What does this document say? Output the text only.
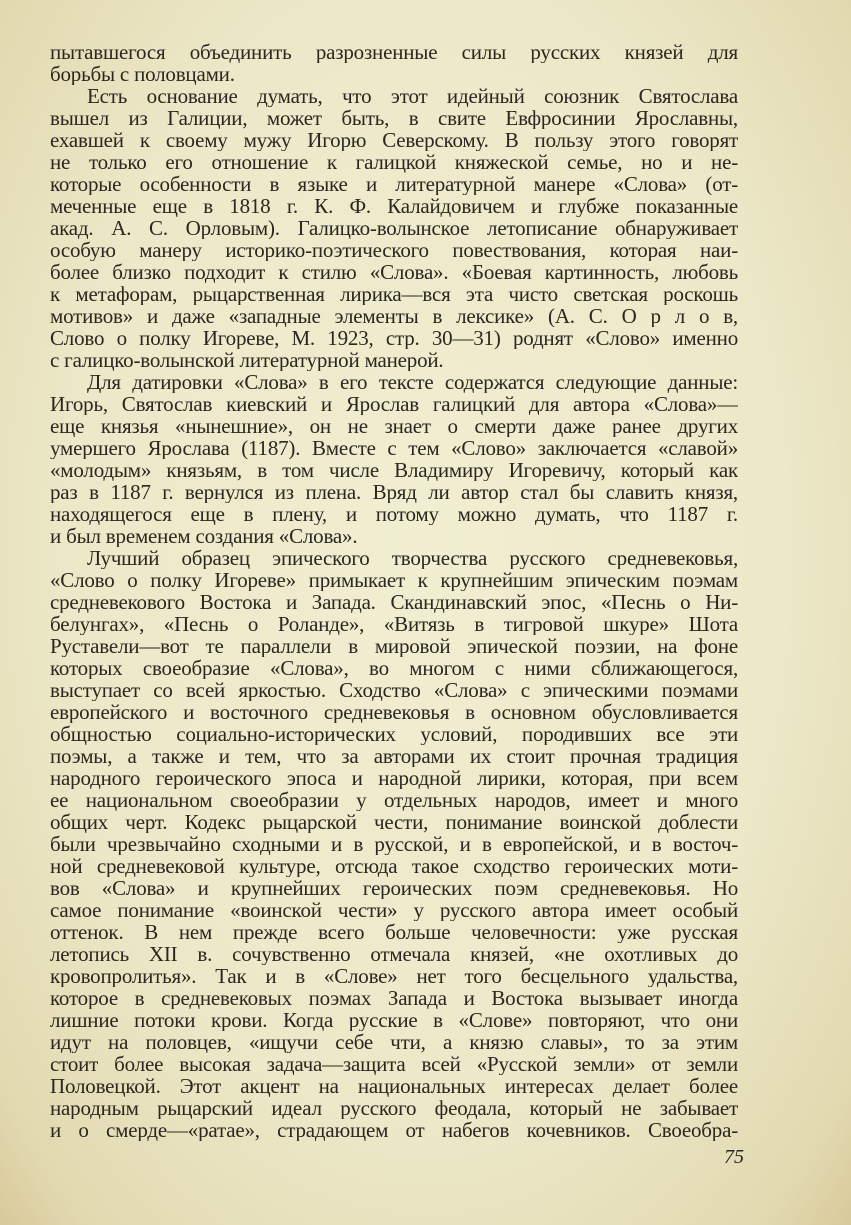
пытавшегося объединить разрозненные силы русских князей для
борьбы с половцами.
Есть основание думать, что этот идейный союзник Святослава
вышел из Галиции, может быть, в свите Евфросинии Ярославны,
ехавшей к своему мужу Игорю Северскому. В пользу этого говорят
не только его отношение к галицкой княжеской семье, но и не-
которые особенности в языке и литературной манере «Слова» (от-
меченные еще в 1818 г. К. Ф. Калайдовичем и глубже показанные
акад. А. С. Орловым). Галицко-волынское летописание обнаруживает
особую манеру историко-поэтического повествования, которая наи-
более близко подходит к стилю «Слова». «Боевая картинность, любовь
к метафорам, рыцарственная лирика—вся эта чисто светская роскошь
мотивов» и даже «западные элементы в лексике» (А. С. О р л о в,
Слово о полку Игореве, М. 1923, стр. 30—31) роднят «Слово» именно
с галицко-волынской литературной манерой.
Для датировки «Слова» в его тексте содержатся следующие данные:
Игорь, Святослав киевский и Ярослав галицкий для автора «Слова»—
еще князья «нынешние», он не знает о смерти даже ранее других
умершего Ярослава (1187). Вместе с тем «Слово» заключается «славой»
«молодым» князьям, в том числе Владимиру Игоревичу, который как
раз в 1187 г. вернулся из плена. Вряд ли автор стал бы славить князя,
находящегося еще в плену, и потому можно думать, что 1187 г.
и был временем создания «Слова».
Лучший образец эпического творчества русского средневековья,
«Слово о полку Игореве» примыкает к крупнейшим эпическим поэмам
средневекового Востока и Запада. Скандинавский эпос, «Песнь о Ни-
белунгах», «Песнь о Роланде», «Витязь в тигровой шкуре» Шота
Руставели—вот те параллели в мировой эпической поэзии, на фоне
которых своеобразие «Слова», во многом с ними сближающегося,
выступает со всей яркостью. Сходство «Слова» с эпическими поэмами
европейского и восточного средневековья в основном обусловливается
общностью социально-исторических условий, породивших все эти
поэмы, а также и тем, что за авторами их стоит прочная традиция
народного героического эпоса и народной лирики, которая, при всем
ее национальном своеобразии у отдельных народов, имеет и много
общих черт. Кодекс рыцарской чести, понимание воинской доблести
были чрезвычайно сходными и в русской, и в европейской, и в восточ-
ной средневековой культуре, отсюда такое сходство героических моти-
вов «Слова» и крупнейших героических поэм средневековья. Но
самое понимание «воинской чести» у русского автора имеет особый
оттенок. В нем прежде всего больше человечности: уже русская
летопись XII в. сочувственно отмечала князей, «не охотливых до
кровопролитья». Так и в «Слове» нет того бесцельного удальства,
которое в средневековых поэмах Запада и Востока вызывает иногда
лишние потоки крови. Когда русские в «Слове» повторяют, что они
идут на половцев, «ищучи себе чти, а князю славы», то за этим
стоит более высокая задача—защита всей «Русской земли» от земли
Половецкой. Этот акцент на национальных интересах делает более
народным рыцарский идеал русского феодала, который не забывает
и о смерде—«ратае», страдающем от набегов кочевников. Своеобра-
75
